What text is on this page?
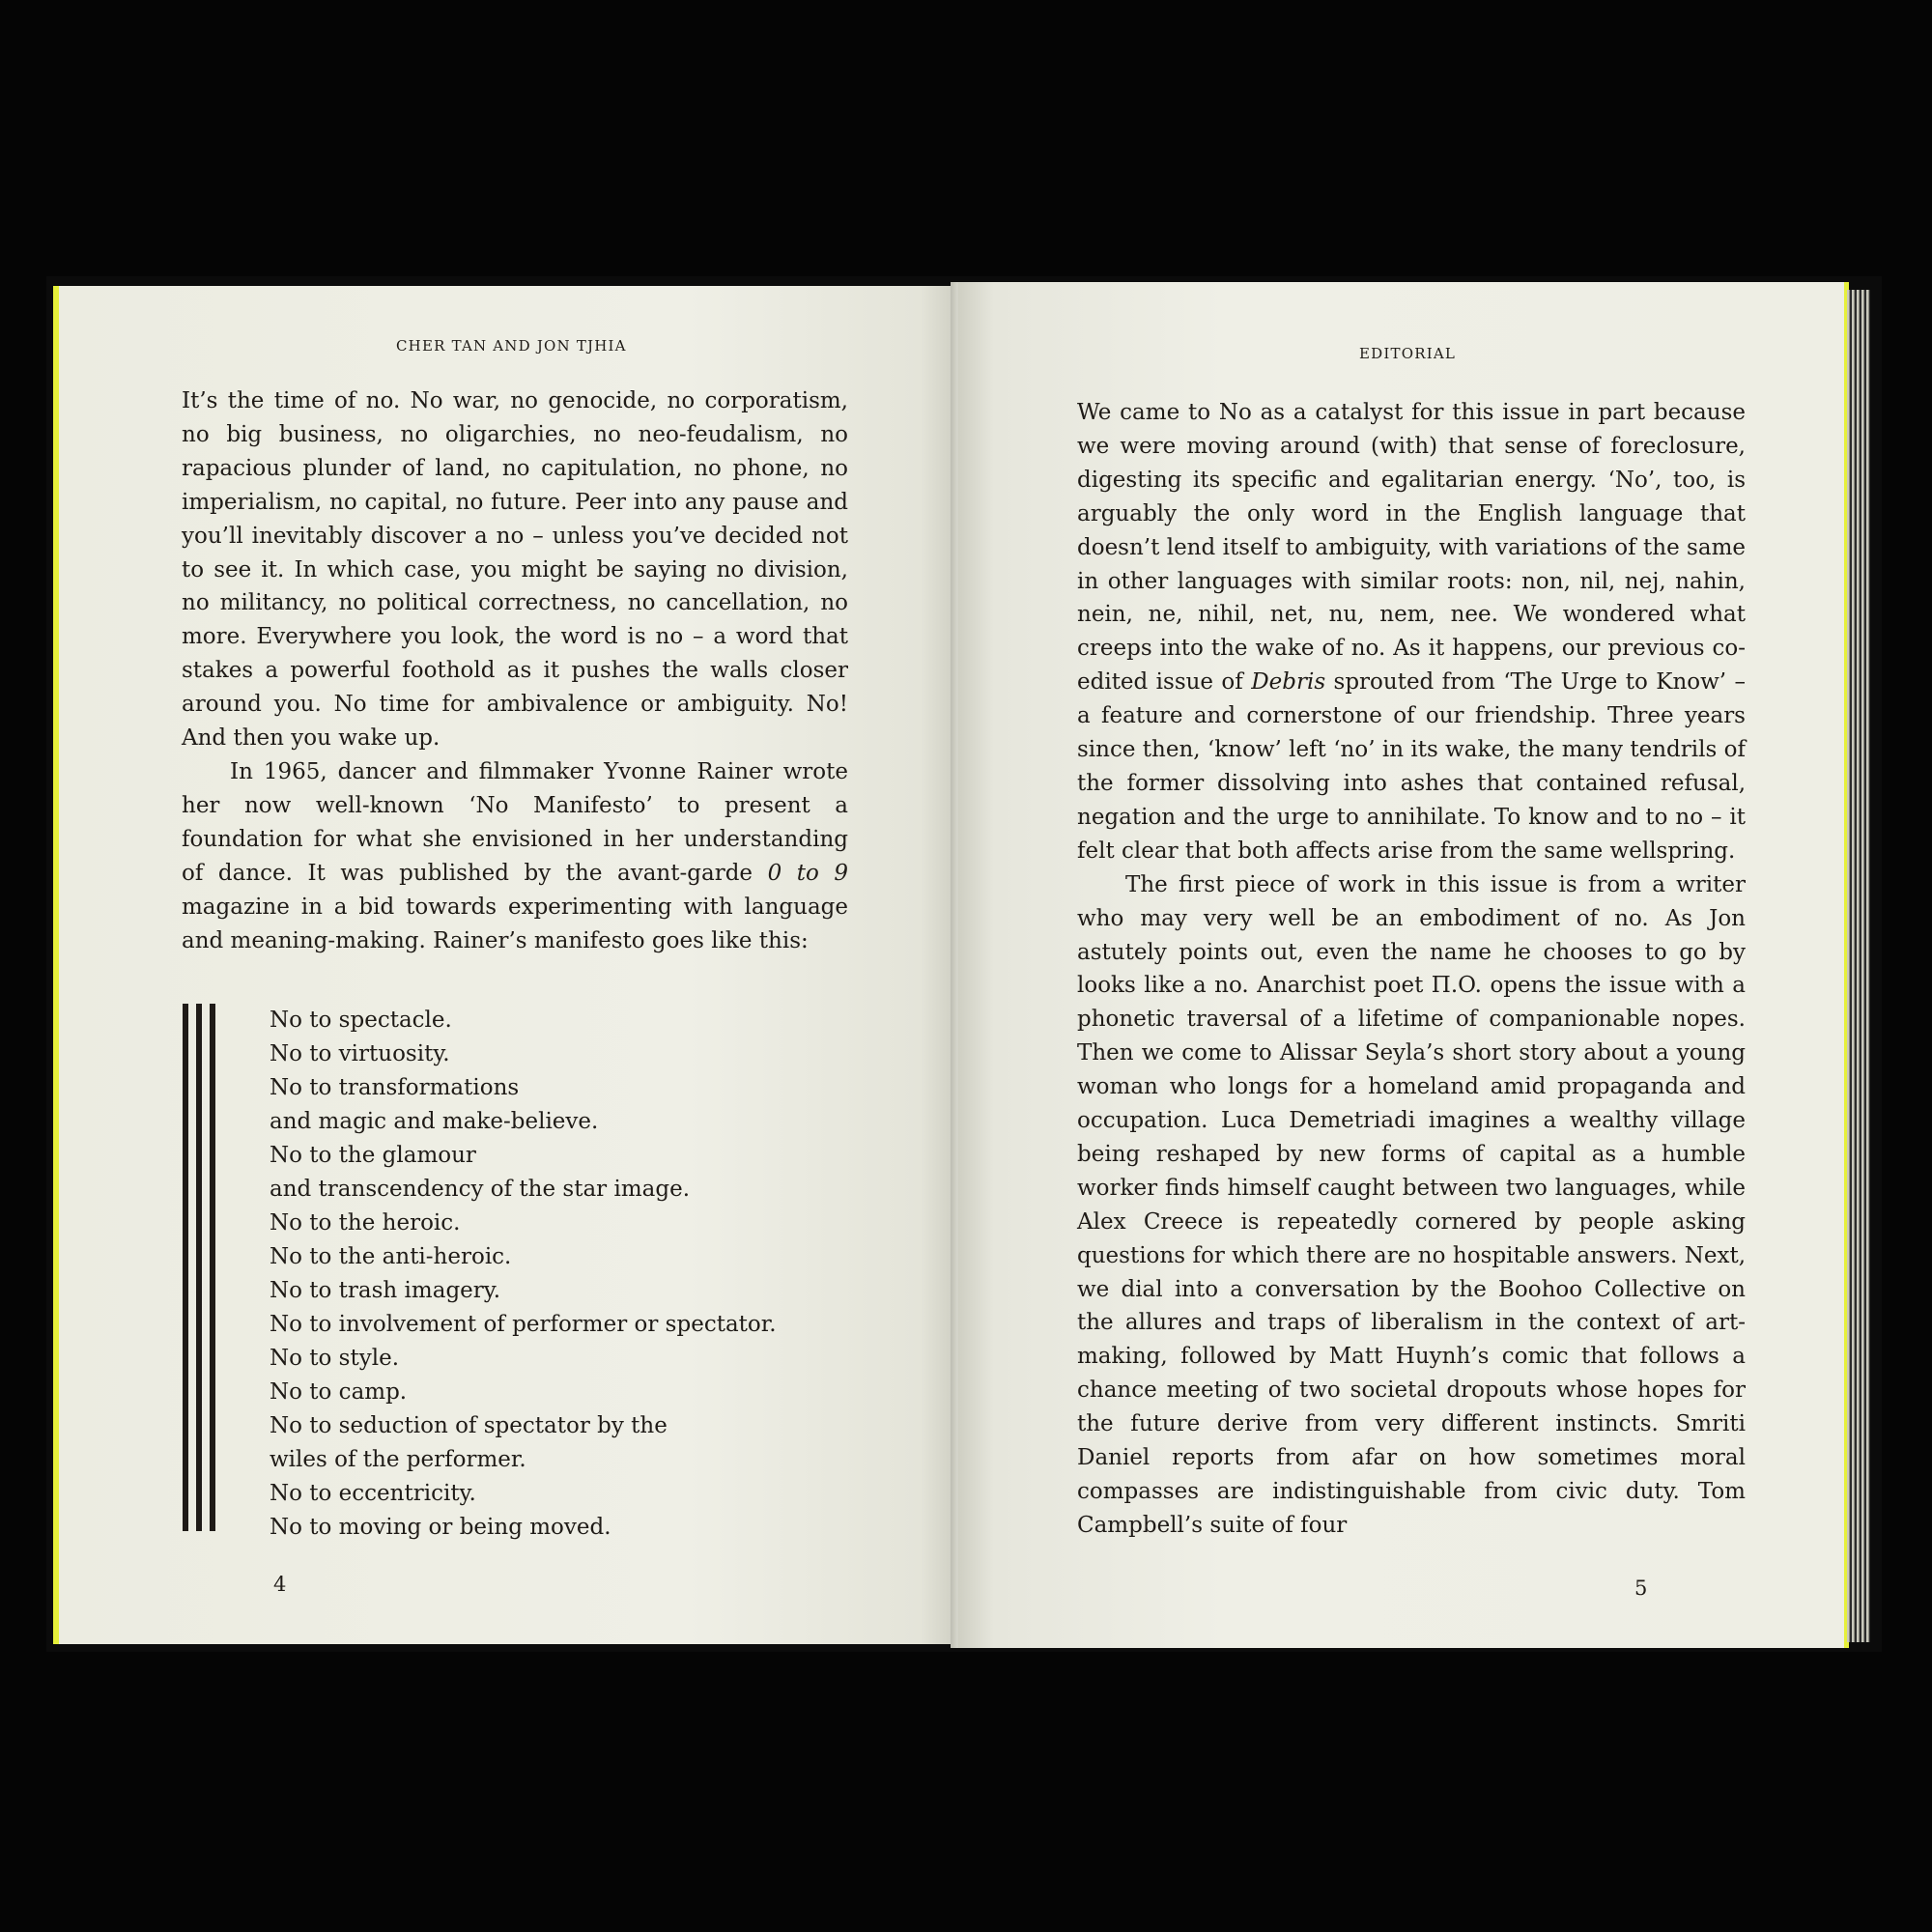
CHER TAN AND JON TJHIA

It’s the time of no. No war, no genocide, no corporatism, no big business, no oligarchies, no neo-feudalism, no rapacious plunder of land, no capitulation, no phone, no imperialism, no capital, no future. Peer into any pause and you’ll inevitably discover a no – unless you’ve decided not to see it. In which case, you might be saying no division, no militancy, no political correctness, no cancellation, no more. Everywhere you look, the word is no – a word that stakes a powerful foothold as it pushes the walls closer around you. No time for ambivalence or ambiguity. No! And then you wake up.

In 1965, dancer and filmmaker Yvonne Rainer wrote her now well-known ‘No Manifesto’ to present a foundation for what she envisioned in her understanding of dance. It was published by the avant-garde 0 to 9 magazine in a bid towards experimenting with language and meaning-making. Rainer’s manifesto goes like this:

No to spectacle.
No to virtuosity.
No to transformations
and magic and make-believe.
No to the glamour
and transcendency of the star image.
No to the heroic.
No to the anti-heroic.
No to trash imagery.
No to involvement of performer or spectator.
No to style.
No to camp.
No to seduction of spectator by the
wiles of the performer.
No to eccentricity.
No to moving or being moved.
4
EDITORIAL

We came to No as a catalyst for this issue in part because we were moving around (with) that sense of foreclosure, digesting its specific and egalitarian energy. ‘No’, too, is arguably the only word in the English language that doesn’t lend itself to ambiguity, with variations of the same in other languages with similar roots: non, nil, nej, nahin, nein, ne, nihil, net, nu, nem, nee. We wondered what creeps into the wake of no. As it happens, our previous co-edited issue of Debris sprouted from ‘The Urge to Know’ – a feature and cornerstone of our friendship. Three years since then, ‘know’ left ‘no’ in its wake, the many tendrils of the former dissolving into ashes that contained refusal, negation and the urge to annihilate. To know and to no – it felt clear that both affects arise from the same wellspring.

The first piece of work in this issue is from a writer who may very well be an embodiment of no. As Jon astutely points out, even the name he chooses to go by looks like a no. Anarchist poet Π.O. opens the issue with a phonetic traversal of a lifetime of companionable nopes. Then we come to Alissar Seyla’s short story about a young woman who longs for a homeland amid propaganda and occupation. Luca Demetriadi imagines a wealthy village being reshaped by new forms of capital as a humble worker finds himself caught between two languages, while Alex Creece is repeatedly cornered by people asking questions for which there are no hospitable answers. Next, we dial into a conversation by the Boohoo Collective on the allures and traps of liberalism in the context of art-making, followed by Matt Huynh’s comic that follows a chance meeting of two societal dropouts whose hopes for the future derive from very different instincts. Smriti Daniel reports from afar on how sometimes moral compasses are indistinguishable from civic duty. Tom Campbell’s suite of four

5
